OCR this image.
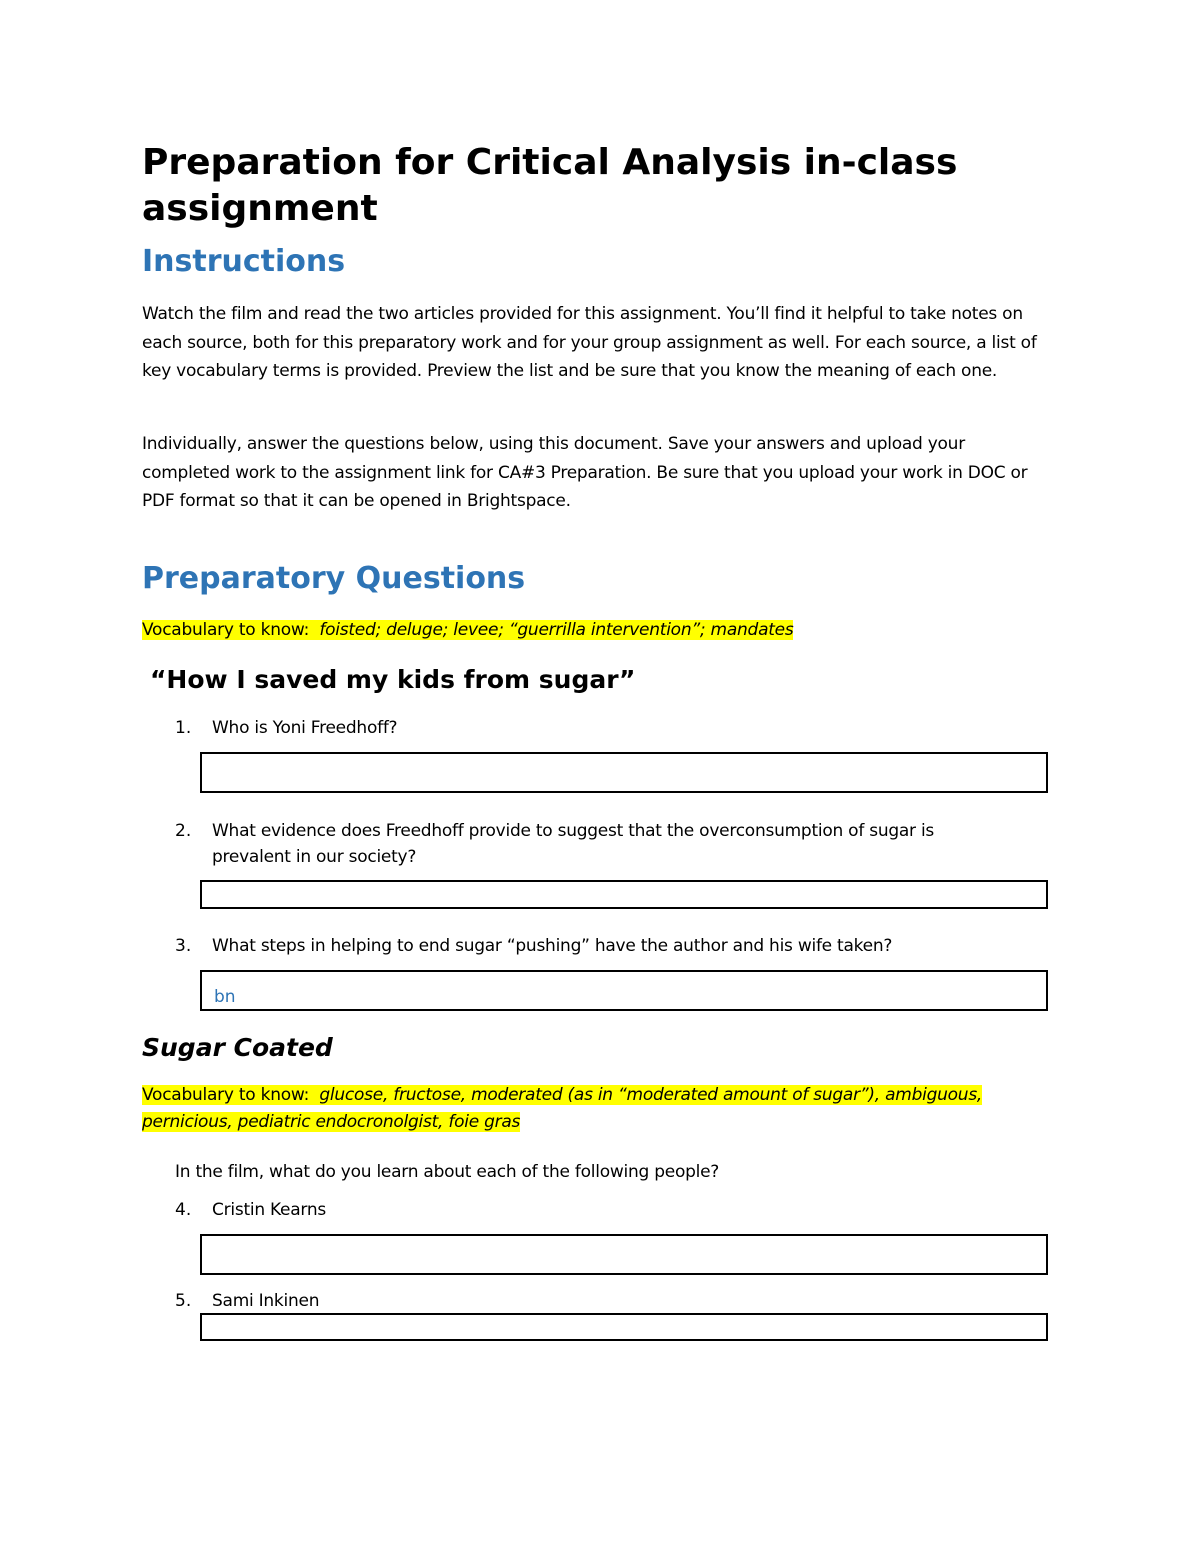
Preparation for Critical Analysis in-class assignment
Instructions

Watch the film and read the two articles provided for this assignment. You’ll find it helpful to take notes on each source, both for this preparatory work and for your group assignment as well. For each source, a list of key vocabulary terms is provided. Preview the list and be sure that you know the meaning of each one.

Individually, answer the questions below, using this document. Save your answers and upload your completed work to the assignment link for CA#3 Preparation. Be sure that you upload your work in DOC or PDF format so that it can be opened in Brightspace.

Preparatory Questions
Vocabulary to know: foisted; deluge; levee; “guerrilla intervention”; mandates
“How I saved my kids from sugar”
1.	Who is Yoni Freedhoff?
2.	What evidence does Freedhoff provide to suggest that the overconsumption of sugar is prevalent in our society?
3.	What steps in helping to end sugar “pushing” have the author and his wife taken?
bn
Sugar Coated
Vocabulary to know: glucose, fructose, moderated (as in “moderated amount of sugar”), ambiguous, pernicious, pediatric endocronolgist, foie gras
In the film, what do you learn about each of the following people?
4.	Cristin Kearns
5.	Sami Inkinen
